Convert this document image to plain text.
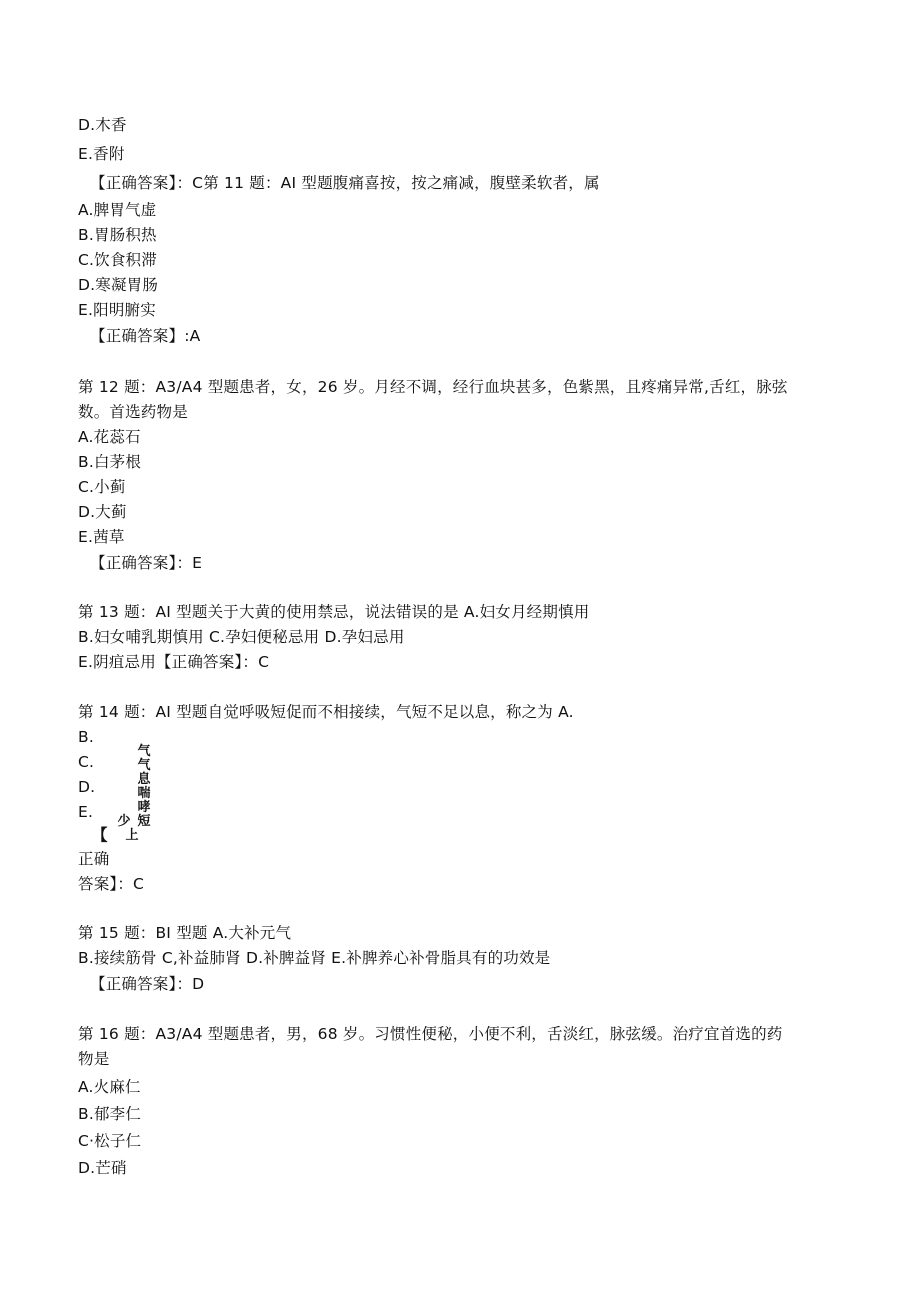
D.木香
E.香附
【正确答案】：C第 11 题：AI 型题腹痛喜按，按之痛减，腹壁柔软者，属
A.脾胃气虚
B.胃肠积热
C.饮食积滞
D.寒凝胃肠
E.阳明腑实
【正确答案】:A
第 12 题：A3/A4 型题患者，女，26 岁。月经不调，经行血块甚多，色紫黑，且疼痛异常,舌红，脉弦
数。首选药物是
A.花蕊石
B.白茅根
C.小蓟
D.大蓟
E.茜草
【正确答案】：E
第 13 题：AI 型题关于大黄的使用禁忌，说法错误的是 A.妇女月经期慎用
B.妇女哺乳期慎用 C.孕妇便秘忌用 D.孕妇忌用
E.阴疽忌用【正确答案】：C
第 14 题：AI 型题自觉呼吸短促而不相接续，气短不足以息，称之为 A.
B.
C.
D.
E.
少
上
气气息喘哮短
【
正确
答案】：C
第 15 题：BI 型题 A.大补元气
B.接续筋骨 C,补益肺肾 D.补脾益肾 E.补脾养心补骨脂具有的功效是
【正确答案】：D
第 16 题：A3/A4 型题患者，男，68 岁。习惯性便秘，小便不利，舌淡红，脉弦缓。治疗宜首选的药
物是
A.火麻仁
B.郁李仁
C·松子仁
D.芒硝
